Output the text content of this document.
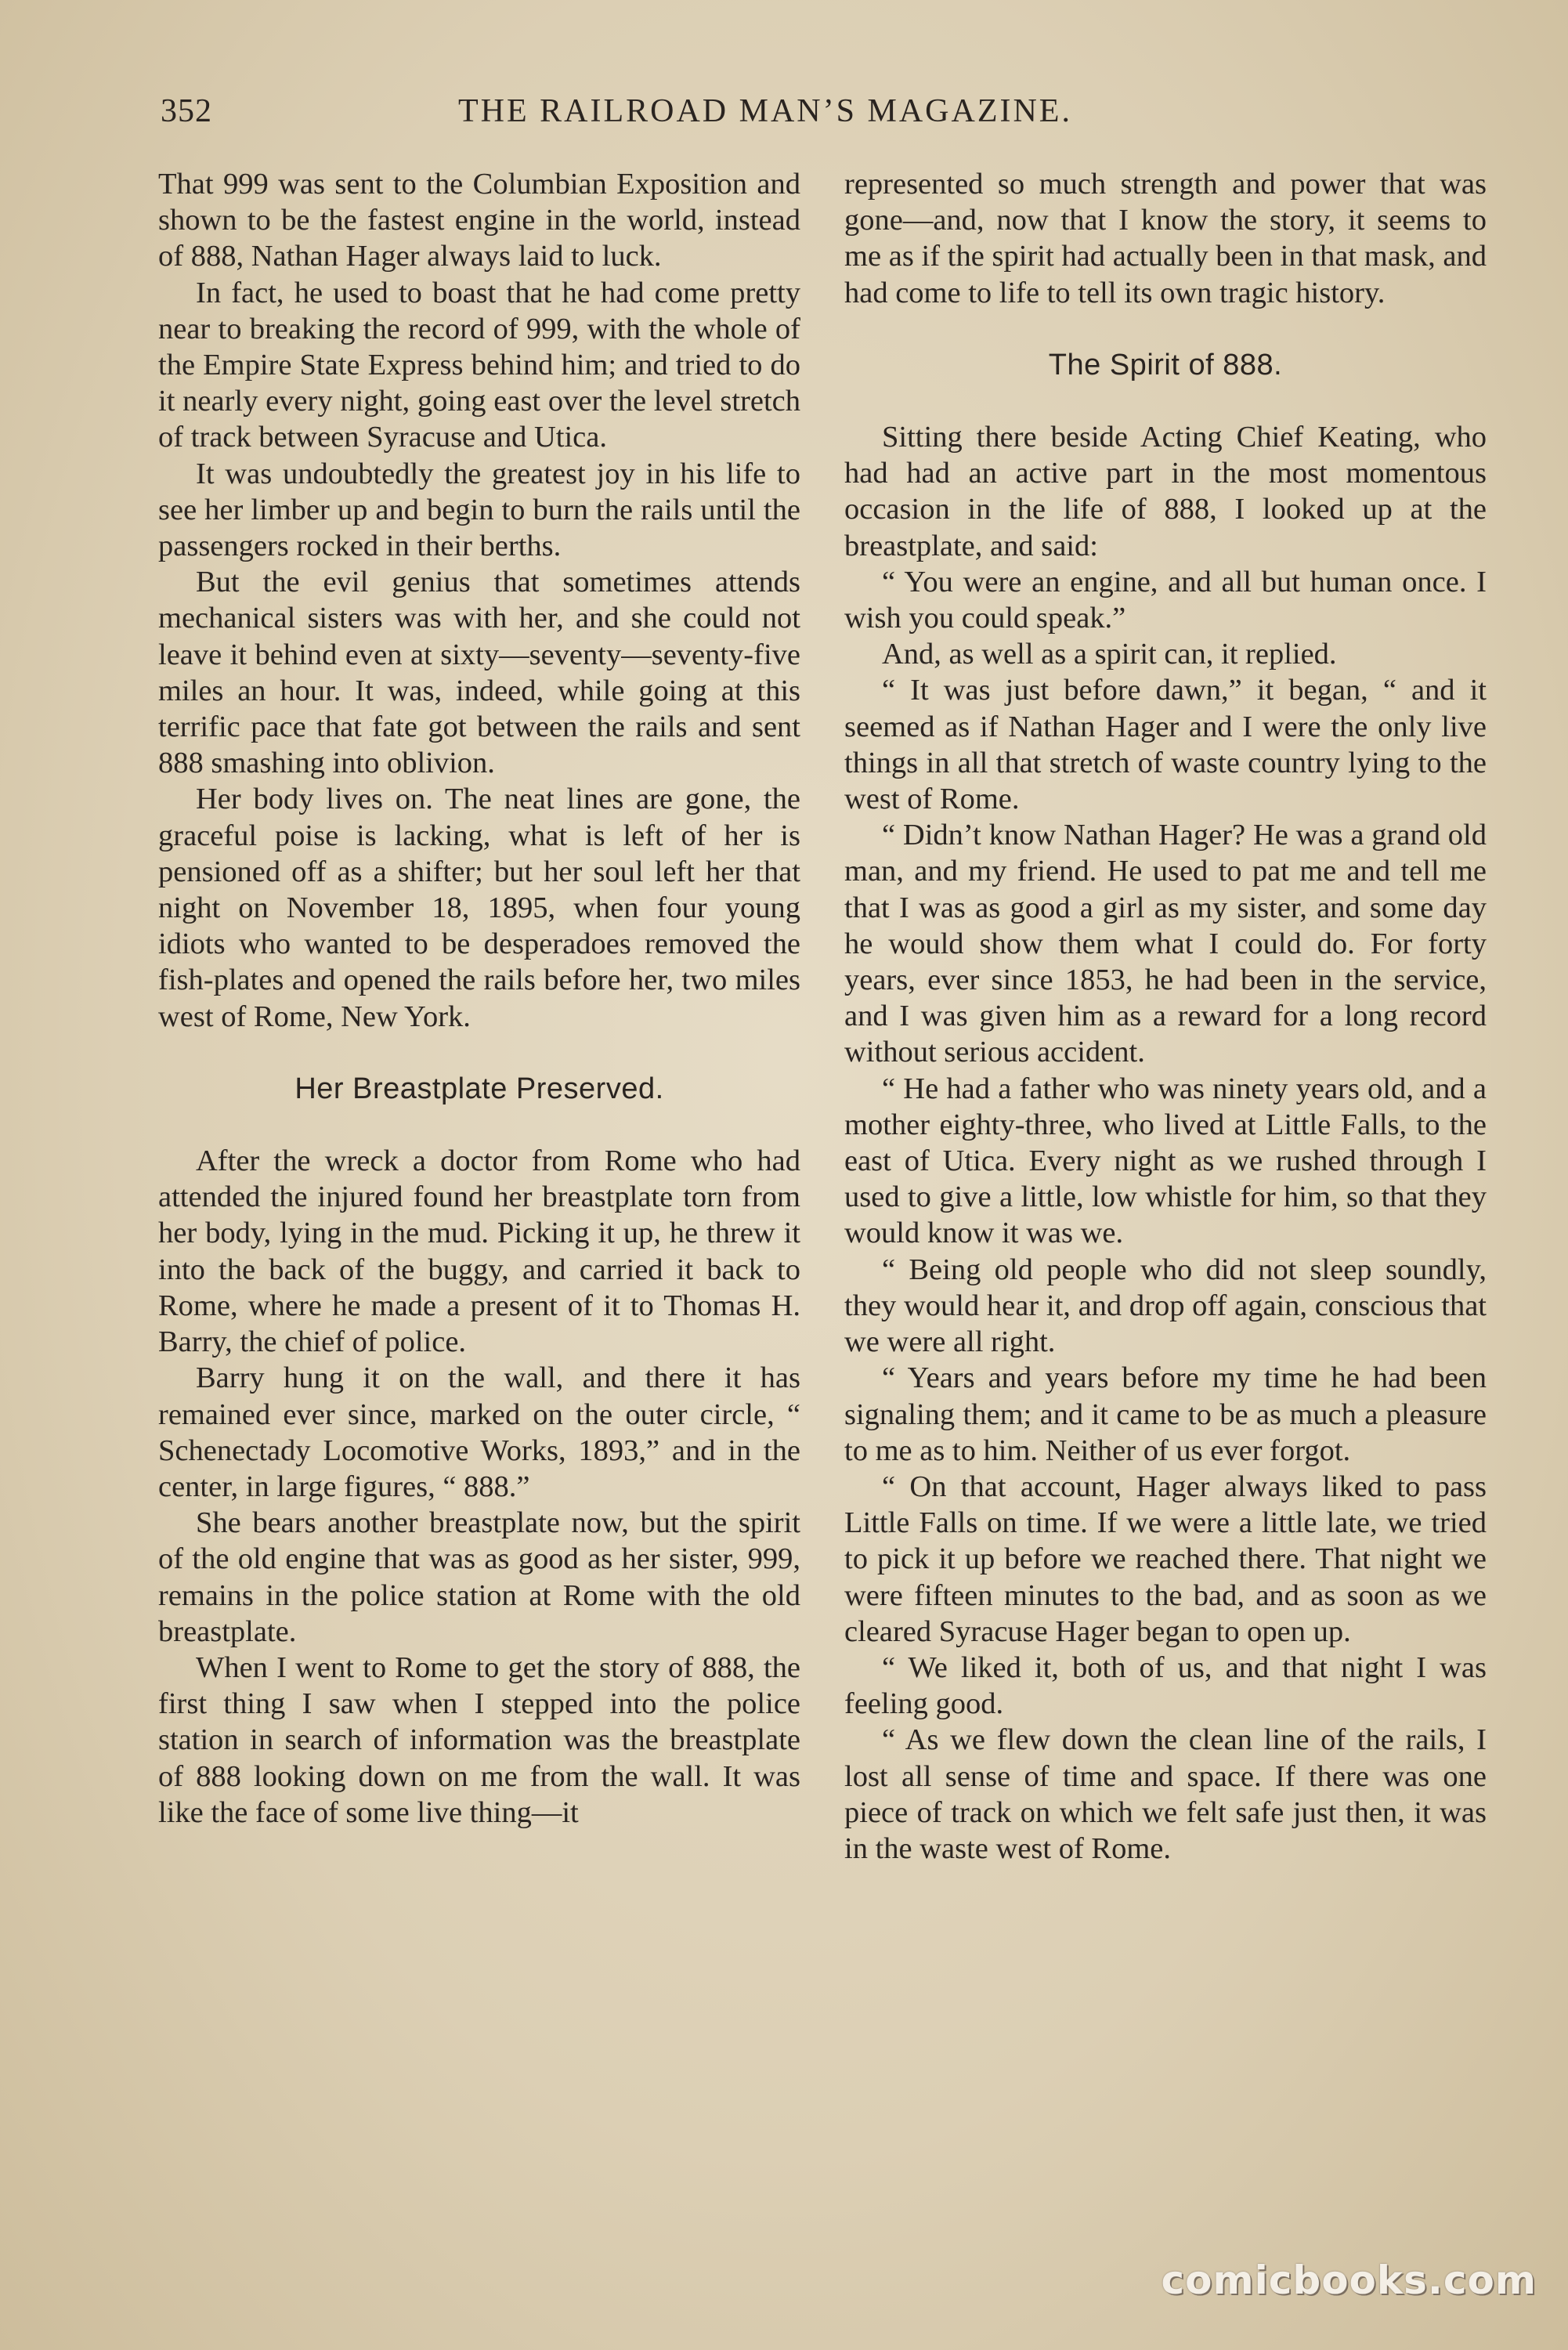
352	THE RAILROAD MAN’S MAGAZINE.

That 999 was sent to the Columbian Exposition and shown to be the fastest engine in the world, instead of 888, Nathan Hager always laid to luck.

In fact, he used to boast that he had come pretty near to breaking the record of 999, with the whole of the Empire State Express behind him; and tried to do it nearly every night, going east over the level stretch of track between Syracuse and Utica.

It was undoubtedly the greatest joy in his life to see her limber up and begin to burn the rails until the passengers rocked in their berths.

But the evil genius that sometimes attends mechanical sisters was with her, and she could not leave it behind even at sixty—seventy—seventy-five miles an hour. It was, indeed, while going at this terrific pace that fate got between the rails and sent 888 smashing into oblivion.

Her body lives on. The neat lines are gone, the graceful poise is lacking, what is left of her is pensioned off as a shifter; but her soul left her that night on November 18, 1895, when four young idiots who wanted to be desperadoes removed the fish-plates and opened the rails before her, two miles west of Rome, New York.

Her Breastplate Preserved.

After the wreck a doctor from Rome who had attended the injured found her breastplate torn from her body, lying in the mud. Picking it up, he threw it into the back of the buggy, and carried it back to Rome, where he made a present of it to Thomas H. Barry, the chief of police.

Barry hung it on the wall, and there it has remained ever since, marked on the outer circle, “ Schenectady Locomotive Works, 1893,” and in the center, in large figures, “ 888.”

She bears another breastplate now, but the spirit of the old engine that was as good as her sister, 999, remains in the police station at Rome with the old breastplate.

When I went to Rome to get the story of 888, the first thing I saw when I stepped into the police station in search of information was the breastplate of 888 looking down on me from the wall. It was like the face of some live thing—it

represented so much strength and power that was gone—and, now that I know the story, it seems to me as if the spirit had actually been in that mask, and had come to life to tell its own tragic history.

The Spirit of 888.

Sitting there beside Acting Chief Keating, who had had an active part in the most momentous occasion in the life of 888, I looked up at the breastplate, and said:

“ You were an engine, and all but human once. I wish you could speak.”

And, as well as a spirit can, it replied.

“ It was just before dawn,” it began, “ and it seemed as if Nathan Hager and I were the only live things in all that stretch of waste country lying to the west of Rome.

“ Didn’t know Nathan Hager? He was a grand old man, and my friend. He used to pat me and tell me that I was as good a girl as my sister, and some day he would show them what I could do. For forty years, ever since 1853, he had been in the service, and I was given him as a reward for a long record without serious accident.

“ He had a father who was ninety years old, and a mother eighty-three, who lived at Little Falls, to the east of Utica. Every night as we rushed through I used to give a little, low whistle for him, so that they would know it was we.

“ Being old people who did not sleep soundly, they would hear it, and drop off again, conscious that we were all right.

“ Years and years before my time he had been signaling them; and it came to be as much a pleasure to me as to him. Neither of us ever forgot.

“ On that account, Hager always liked to pass Little Falls on time. If we were a little late, we tried to pick it up before we reached there. That night we were fifteen minutes to the bad, and as soon as we cleared Syracuse Hager began to open up.

“ We liked it, both of us, and that night I was feeling good.

“ As we flew down the clean line of the rails, I lost all sense of time and space. If there was one piece of track on which we felt safe just then, it was in the waste west of Rome.

comicbooks.com
